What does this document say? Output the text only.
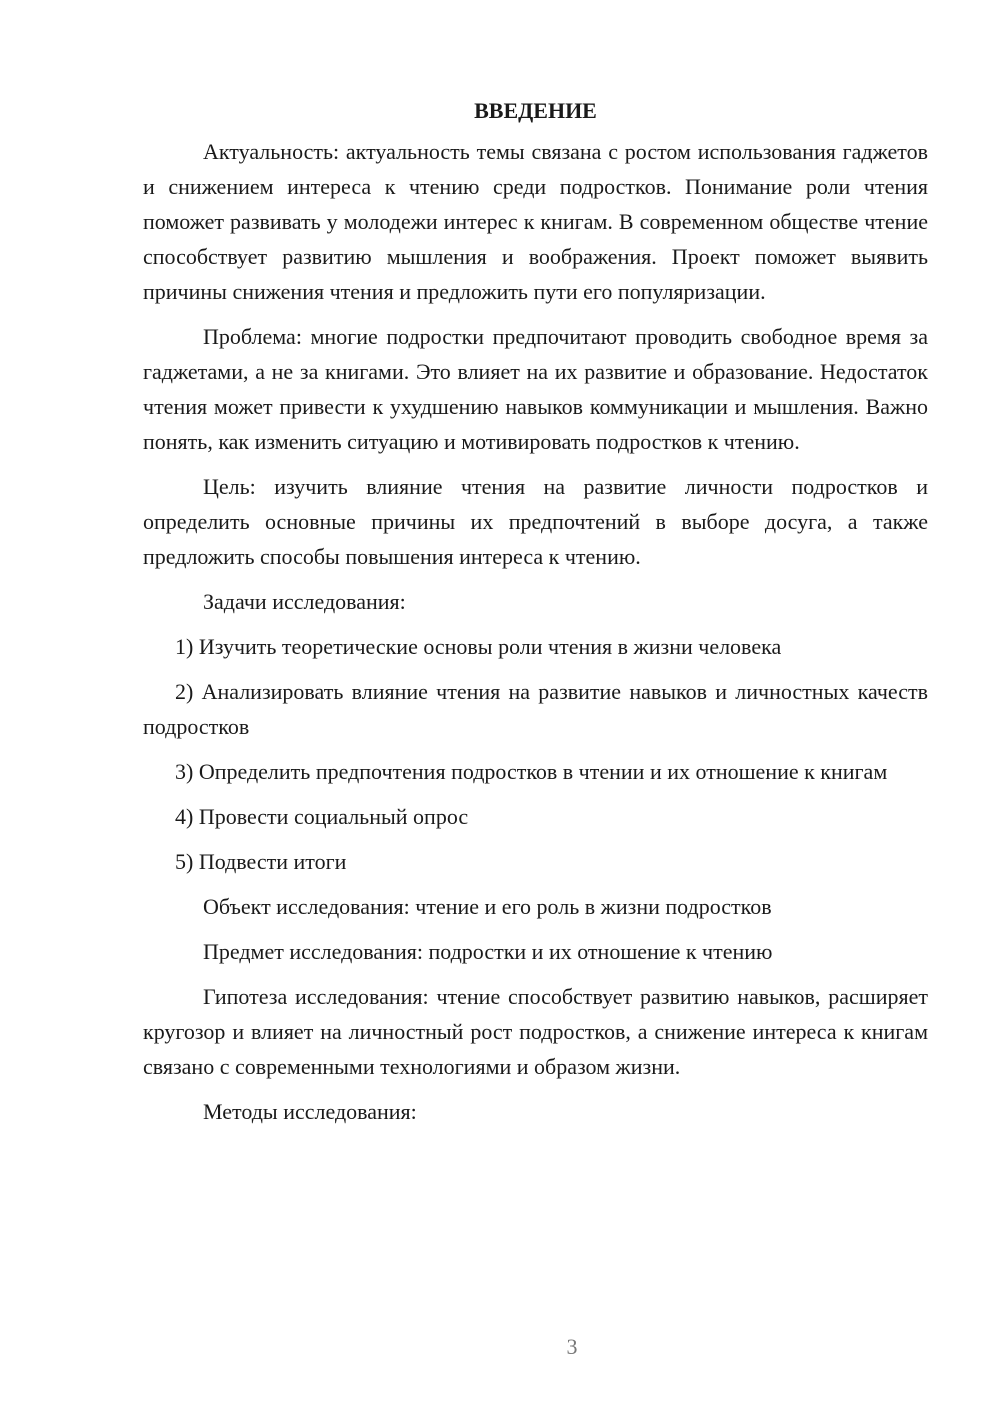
ВВЕДЕНИЕ

Актуальность: актуальность темы связана с ростом использования гаджетов и снижением интереса к чтению среди подростков. Понимание роли чтения поможет развивать у молодежи интерес к книгам. В современном обществе чтение способствует развитию мышления и воображения. Проект поможет выявить причины снижения чтения и предложить пути его популяризации.

Проблема: многие подростки предпочитают проводить свободное время за гаджетами, а не за книгами. Это влияет на их развитие и образование. Недостаток чтения может привести к ухудшению навыков коммуникации и мышления. Важно понять, как изменить ситуацию и мотивировать подростков к чтению.

Цель: изучить влияние чтения на развитие личности подростков и определить основные причины их предпочтений в выборе досуга, а также предложить способы повышения интереса к чтению.

Задачи исследования:

1) Изучить теоретические основы роли чтения в жизни человека

2) Анализировать влияние чтения на развитие навыков и личностных качеств подростков

3) Определить предпочтения подростков в чтении и их отношение к книгам

4) Провести социальный опрос

5) Подвести итоги

Объект исследования: чтение и его роль в жизни подростков

Предмет исследования: подростки и их отношение к чтению

Гипотеза исследования: чтение способствует развитию навыков, расширяет кругозор и влияет на личностный рост подростков, а снижение интереса к книгам связано с современными технологиями и образом жизни.

Методы исследования:

3
